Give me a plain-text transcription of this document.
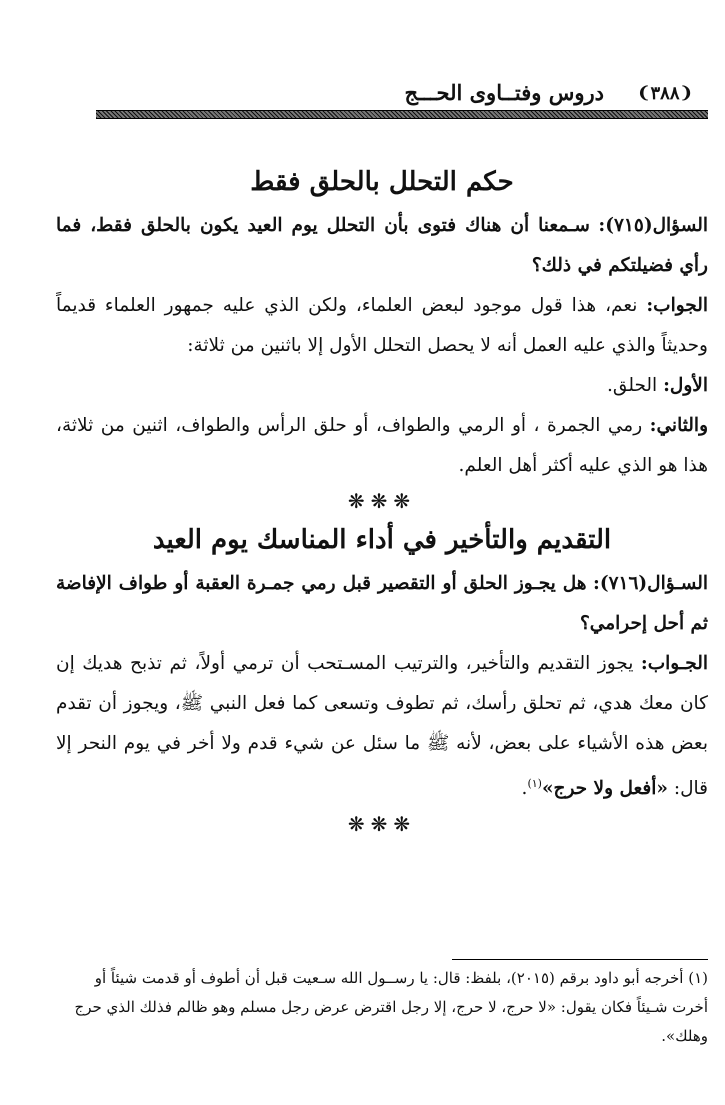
❨
٣٨٨
❩
دروس وفتــاوى الحـــج
حكم التحلل بالحلق فقط
السؤال(٧١٥): سـمعنا أن هناك فتوى بأن التحلل يوم العيد يكون بالحلق فقط، فما رأي فضيلتكم في ذلك؟
الجواب: نعم، هذا قول موجود لبعض العلماء، ولكن الذي عليه جمهور العلماء قديماً وحديثاً والذي عليه العمل أنه لا يحصل التحلل الأول إلا باثنين من ثلاثة:
الأول: الحلق.
والثاني: رمي الجمرة ، أو الرمي والطواف، أو حلق الرأس والطواف، اثنين من ثلاثة، هذا هو الذي عليه أكثر أهل العلم.
❋❋❋
التقديم والتأخير في أداء المناسك يوم العيد
السـؤال(٧١٦): هل يجـوز الحلق أو التقصير قبل رمي جمـرة العقبة أو طواف الإفاضة ثم أحل إحرامي؟
الجـواب: يجوز التقديم والتأخير، والترتيب المسـتحب أن ترمي أولاً، ثم تذبح هديك إن كان معك هدي، ثم تحلق رأسك، ثم تطوف وتسعى كما فعل النبي ﷺ، ويجوز أن تقدم بعض هذه الأشياء على بعض، لأنه ﷺ ما سئل عن شيء قدم ولا أخر في يوم النحر إلا قال: «أفعل ولا حرج»$^{(١)}$.
❋❋❋
(١) أخرجه أبو داود برقم (٢٠١٥)، بلفظ: قال: يا رســول الله سـعيت قبل أن أطوف أو قدمت شيئاً أو أخرت شـيئاً فكان يقول: «لا حرج، لا حرج، إلا رجل اقترض عرض رجل مسلم وهو ظالم فذلك الذي حرج وهلك».
